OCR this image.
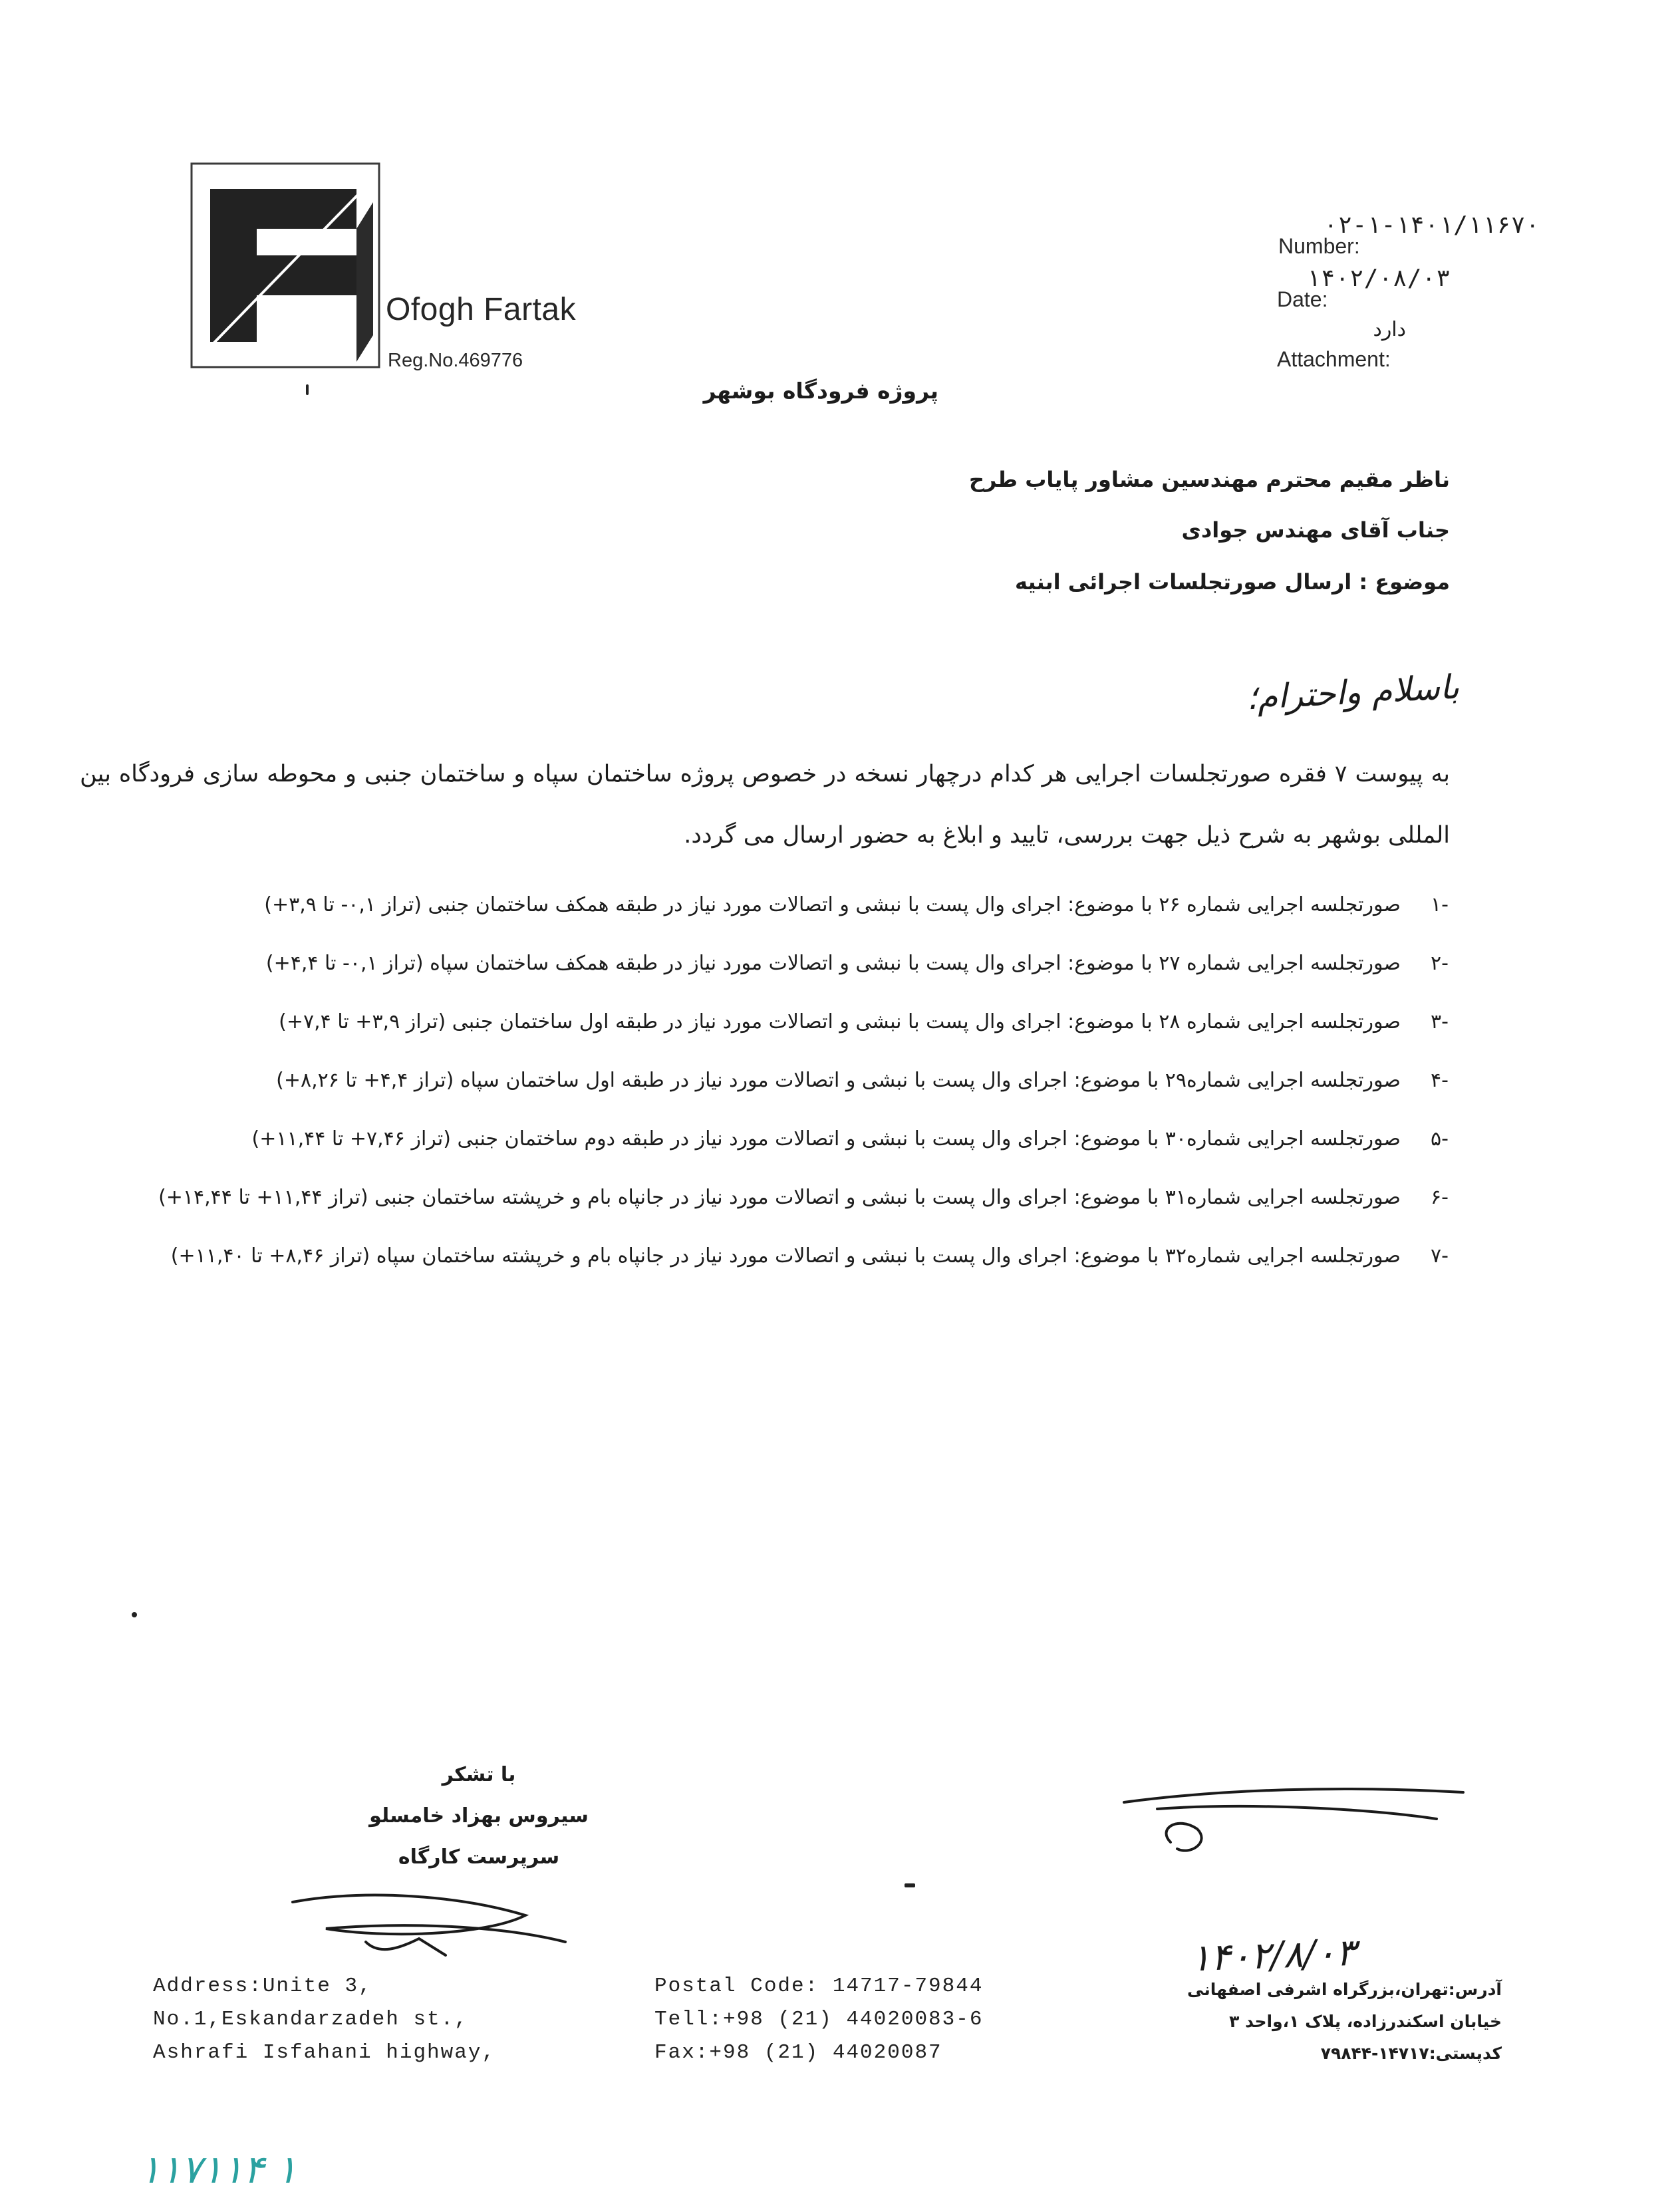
Ofogh Fartak
Reg.No.469776
۰۲-۱-۱۴۰۱/۱۱۶۷۰
Number:
۱۴۰۲/۰۸/۰۳
Date:
دارد
Attachment:
پروژه فرودگاه بوشهر
ناظر مقیم محترم مهندسین مشاور پایاب طرح
جناب آقای مهندس جوادی
موضوع : ارسال صورتجلسات اجرائی ابنیه
باسلام واحترام؛
به پیوست ۷ فقره صورتجلسات اجرایی هر کدام درچهار نسخه در خصوص پروژه ساختمان سپاه و ساختمان جنبی و محوطه سازی فرودگاه بین المللی بوشهر به شرح ذیل جهت بررسی، تایید و ابلاغ به حضور ارسال می گردد.
-۱
صورتجلسه اجرایی شماره ۲۶ با موضوع: اجرای وال پست با نبشی و اتصالات مورد نیاز در طبقه همکف ساختمان جنبی (تراز ۰,۱- تا ۳,۹+)
-۲
صورتجلسه اجرایی شماره ۲۷ با موضوع: اجرای وال پست با نبشی و اتصالات مورد نیاز در طبقه همکف ساختمان سپاه (تراز ۰,۱- تا ۴,۴+)
-۳
صورتجلسه اجرایی شماره ۲۸ با موضوع: اجرای وال پست با نبشی و اتصالات مورد نیاز در طبقه اول ساختمان جنبی (تراز ۳,۹+ تا ۷,۴+)
-۴
صورتجلسه اجرایی شماره۲۹ با موضوع: اجرای وال پست با نبشی و اتصالات مورد نیاز در طبقه اول ساختمان سپاه (تراز ۴,۴+ تا ۸,۲۶+)
-۵
صورتجلسه اجرایی شماره۳۰ با موضوع: اجرای وال پست با نبشی و اتصالات مورد نیاز در طبقه دوم ساختمان جنبی (تراز ۷,۴۶+ تا ۱۱,۴۴+)
-۶
صورتجلسه اجرایی شماره۳۱ با موضوع: اجرای وال پست با نبشی و اتصالات مورد نیاز در جانپاه بام و خرپشته ساختمان جنبی (تراز ۱۱,۴۴+ تا ۱۴,۴۴+)
-۷
صورتجلسه اجرایی شماره۳۲ با موضوع: اجرای وال پست با نبشی و اتصالات مورد نیاز در جانپاه بام و خرپشته ساختمان سپاه (تراز ۸,۴۶+ تا ۱۱,۴۰+)
با تشکر
سیروس بهزاد خامسلو
سرپرست کارگاه
۱۴۰۲/۸/۰۳
Address:Unite 3,
No.1,Eskandarzadeh st.,
Ashrafi Isfahani highway,
Postal Code: 14717-79844
Tell:+98 (21) 44020083-6
Fax:+98 (21) 44020087
آدرس:تهران،بزرگراه اشرفی اصفهانی
خیابان اسکندرزاده، پلاک ۱،واحد ۳
کدپستی:۱۴۷۱۷-۷۹۸۴۴
۱۱۷۱۱۴ ۱
